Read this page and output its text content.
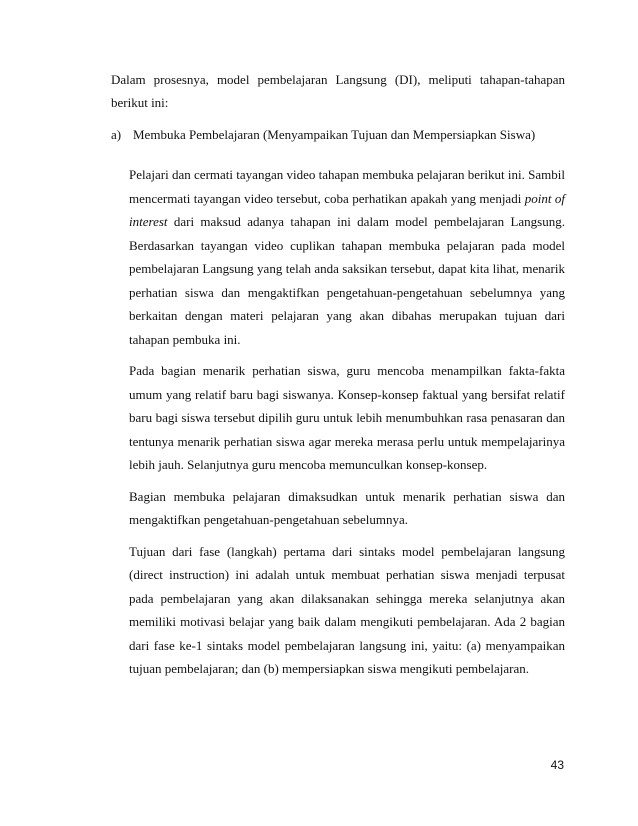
Dalam prosesnya, model pembelajaran Langsung (DI), meliputi tahapan-tahapan berikut ini:

a) Membuka Pembelajaran (Menyampaikan Tujuan dan Mempersiapkan Siswa)

Pelajari dan cermati tayangan video tahapan membuka pelajaran berikut ini. Sambil mencermati tayangan video tersebut, coba perhatikan apakah yang menjadi point of interest dari maksud adanya tahapan ini dalam model pembelajaran Langsung. Berdasarkan tayangan video cuplikan tahapan membuka pelajaran pada model pembelajaran Langsung yang telah anda saksikan tersebut, dapat kita lihat, menarik perhatian siswa dan mengaktifkan pengetahuan-pengetahuan sebelumnya yang berkaitan dengan materi pelajaran yang akan dibahas merupakan tujuan dari tahapan pembuka ini.

Pada bagian menarik perhatian siswa, guru mencoba menampilkan fakta-fakta umum yang relatif baru bagi siswanya. Konsep-konsep faktual yang bersifat relatif baru bagi siswa tersebut dipilih guru untuk lebih menumbuhkan rasa penasaran dan tentunya menarik perhatian siswa agar mereka merasa perlu untuk mempelajarinya lebih jauh. Selanjutnya guru mencoba memunculkan konsep-konsep.

Bagian membuka pelajaran dimaksudkan untuk menarik perhatian siswa dan mengaktifkan pengetahuan-pengetahuan sebelumnya.

Tujuan dari fase (langkah) pertama dari sintaks model pembelajaran langsung (direct instruction) ini adalah untuk membuat perhatian siswa menjadi terpusat pada pembelajaran yang akan dilaksanakan sehingga mereka selanjutnya akan memiliki motivasi belajar yang baik dalam mengikuti pembelajaran. Ada 2 bagian dari fase ke-1 sintaks model pembelajaran langsung ini, yaitu: (a) menyampaikan tujuan pembelajaran; dan (b) mempersiapkan siswa mengikuti pembelajaran.

43
